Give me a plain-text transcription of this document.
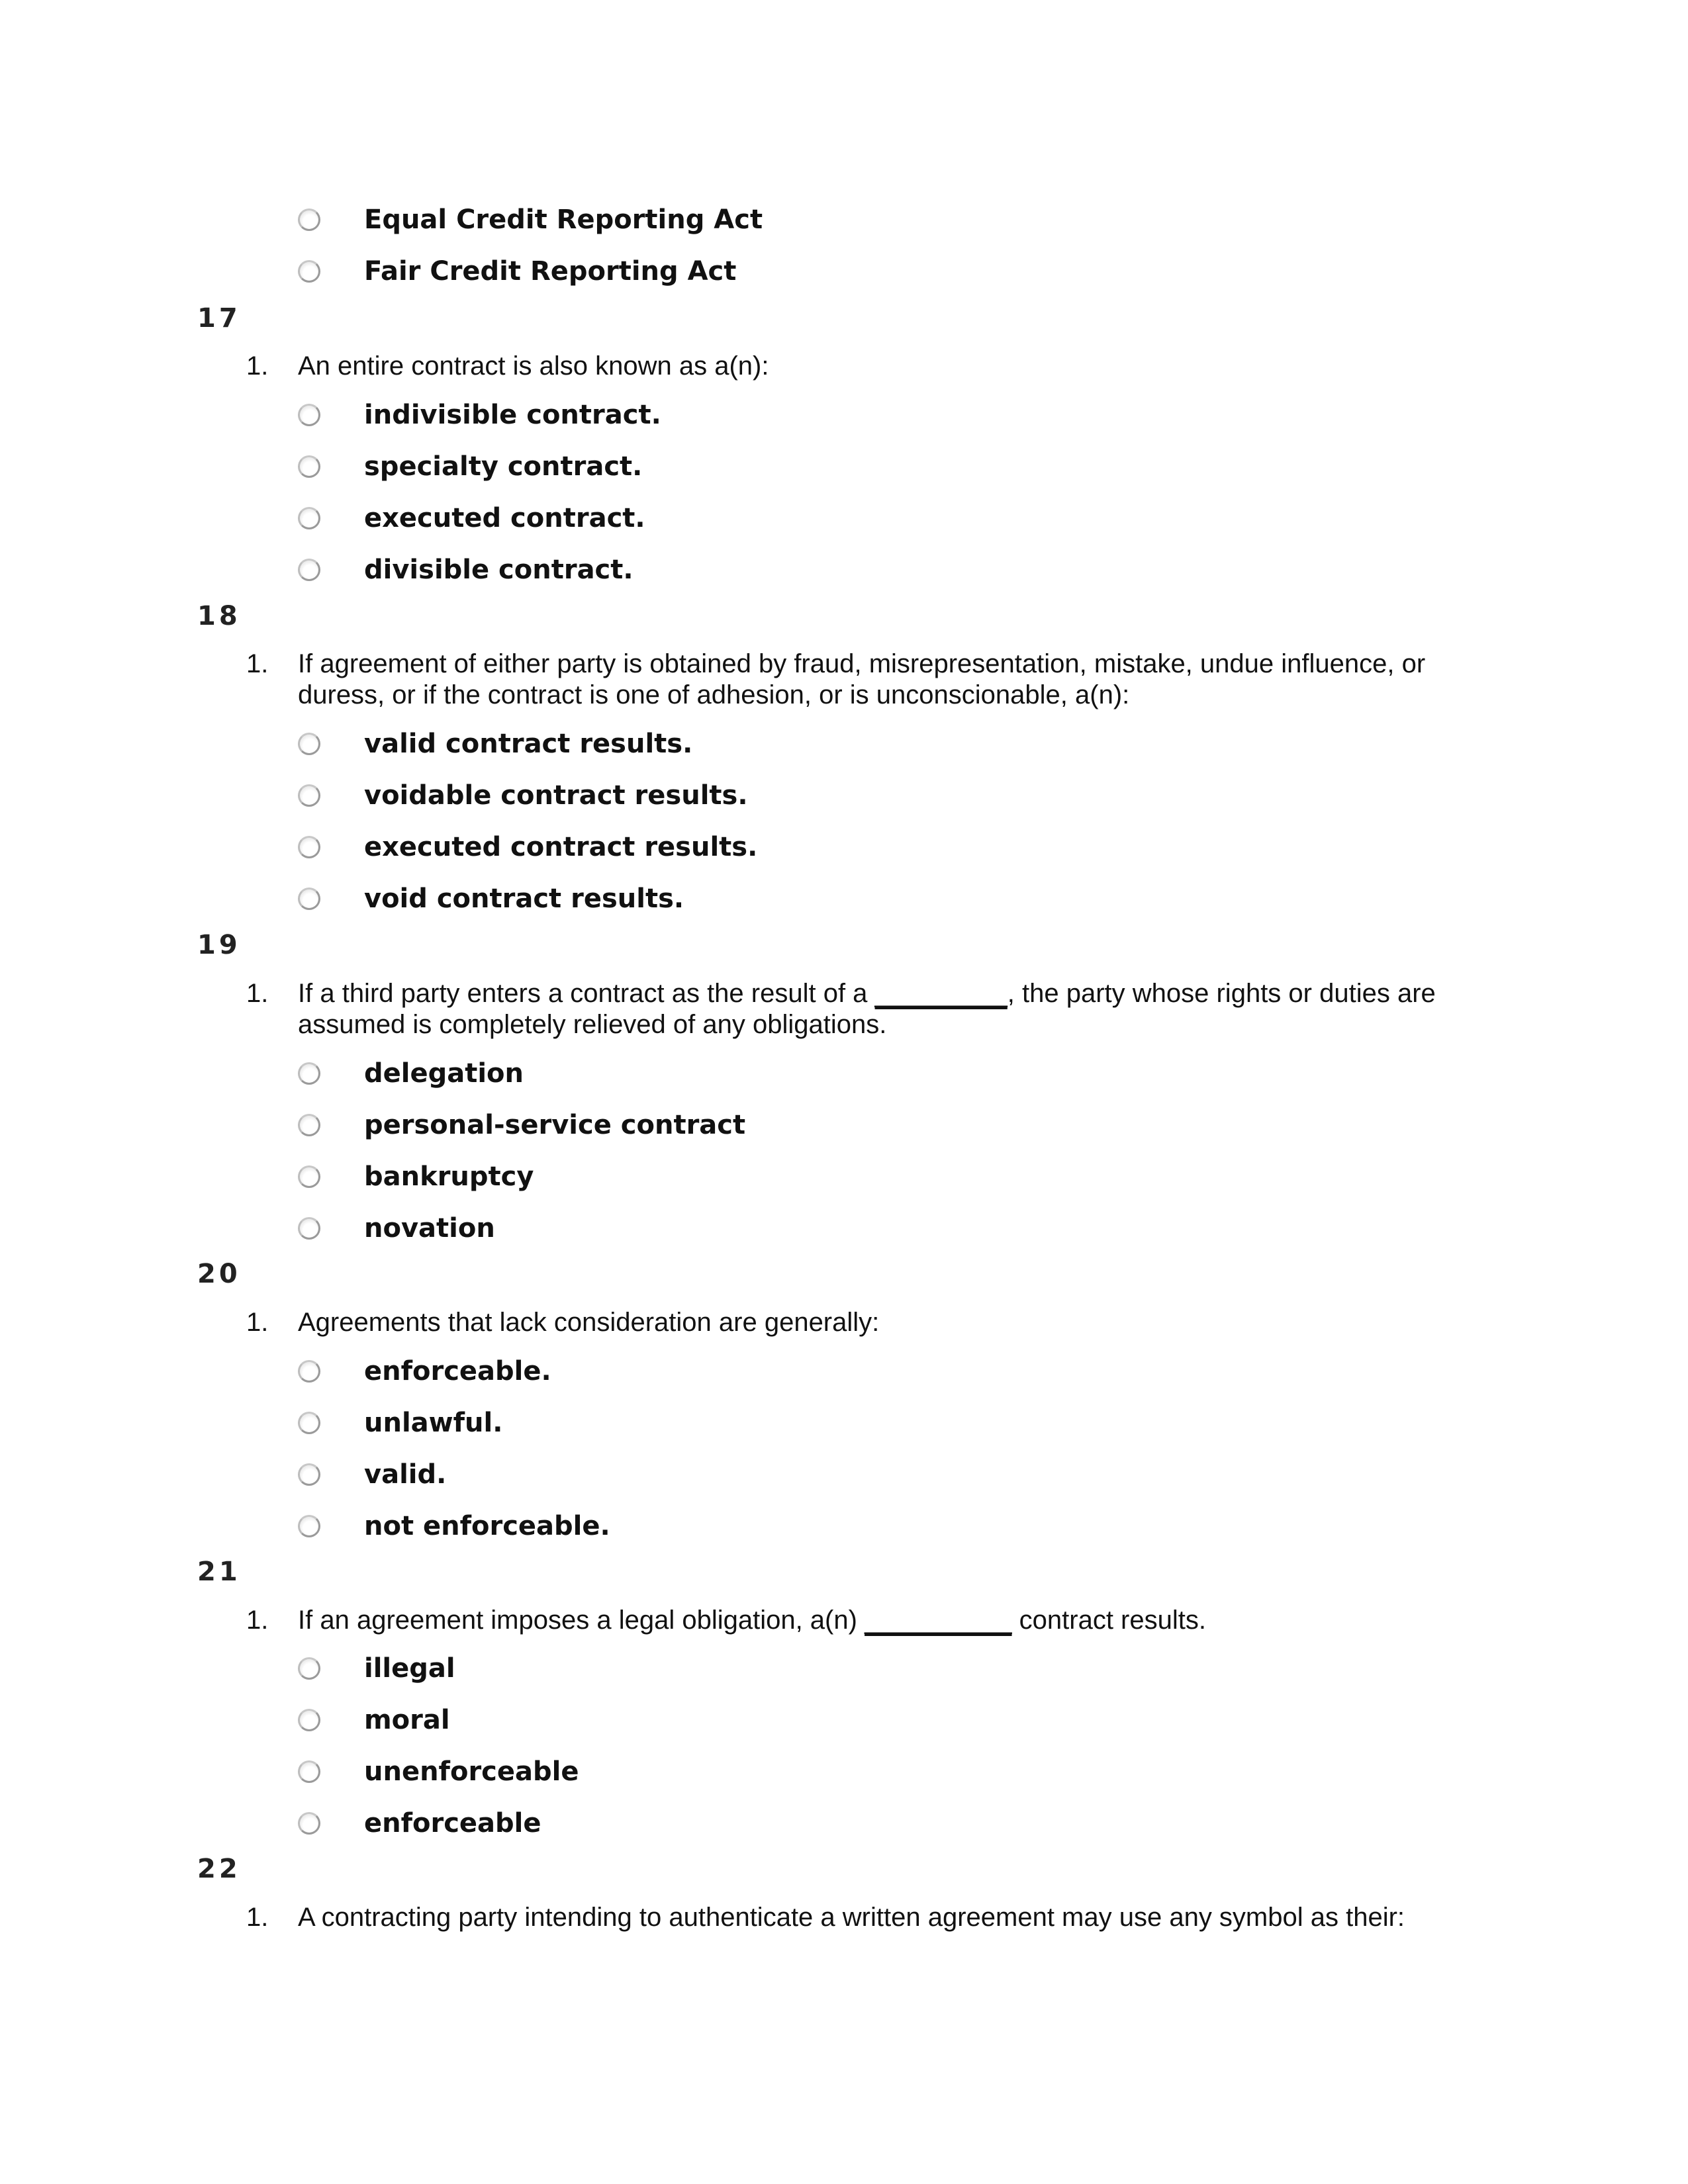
Equal Credit Reporting Act
Fair Credit Reporting Act
17
1.	An entire contract is also known as a(n):
indivisible contract.
specialty contract.
executed contract.
divisible contract.
18
1.	If agreement of either party is obtained by fraud, misrepresentation, mistake, undue influence, or duress, or if the contract is one of adhesion, or is unconscionable, a(n):
valid contract results.
voidable contract results.
executed contract results.
void contract results.
19
1.	If a third party enters a contract as the result of a _________, the party whose rights or duties are assumed is completely relieved of any obligations.
delegation
personal-service contract
bankruptcy
novation
20
1.	Agreements that lack consideration are generally:
enforceable.
unlawful.
valid.
not enforceable.
21
1.	If an agreement imposes a legal obligation, a(n) __________ contract results.
illegal
moral
unenforceable
enforceable
22
1.	A contracting party intending to authenticate a written agreement may use any symbol as their:
